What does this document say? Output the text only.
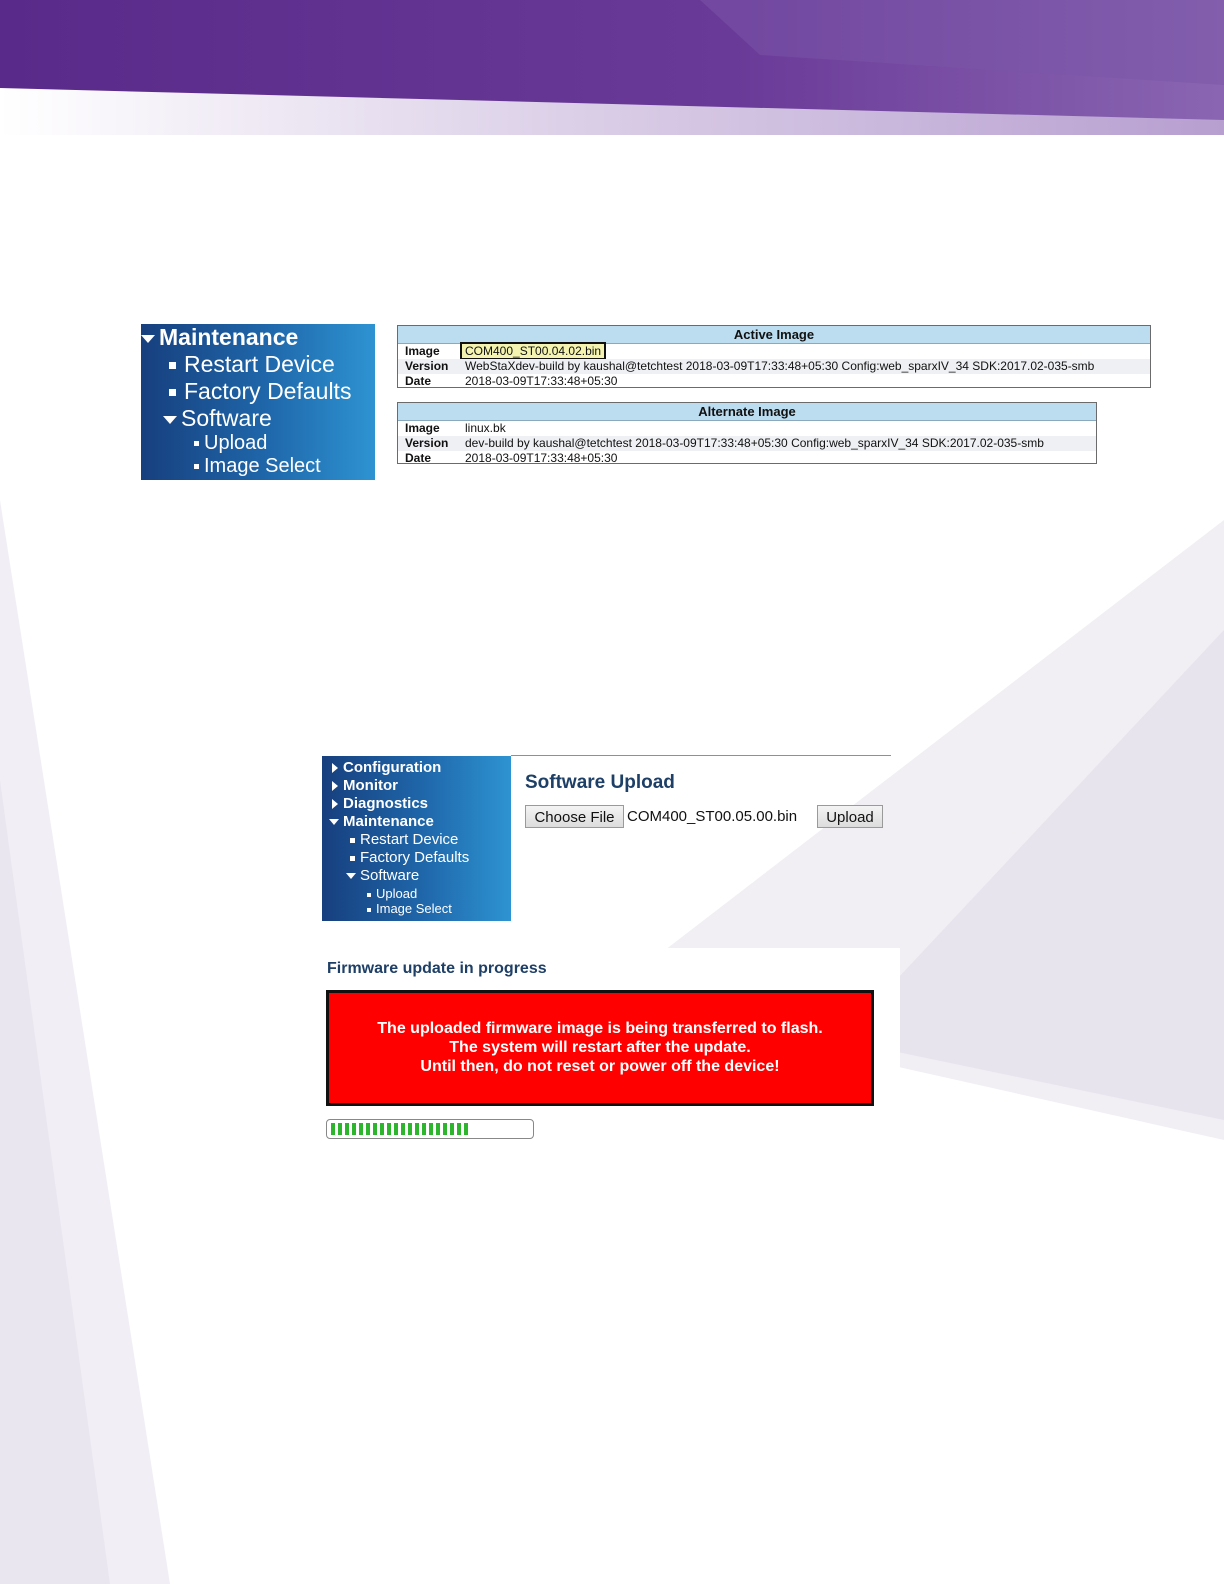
Maintenance
Restart Device
Factory Defaults
Software
Upload
Image Select
Active Image
Image COM400_ST00.04.02.bin
Version WebStaXdev-build by kaushal@tetchtest 2018-03-09T17:33:48+05:30 Config:web_sparxIV_34 SDK:2017.02-035-smb
Date	2018-03-09T17:33:48+05:30
Alternate Image
Image linux.bk
Version dev-build by kaushal@tetchtest 2018-03-09T17:33:48+05:30 Config:web_sparxIV_34 SDK:2017.02-035-smb
Date	2018-03-09T17:33:48+05:30
Configuration
Monitor
Diagnostics
Maintenance
Restart Device
Factory Defaults
Software
Upload
Image Select
Software Upload
Choose File COM400_ST00.05.00.bin	Upload
Firmware update in progress
The uploaded firmware image is being transferred to flash.
The system will restart after the update.
Until then, do not reset or power off the device!
